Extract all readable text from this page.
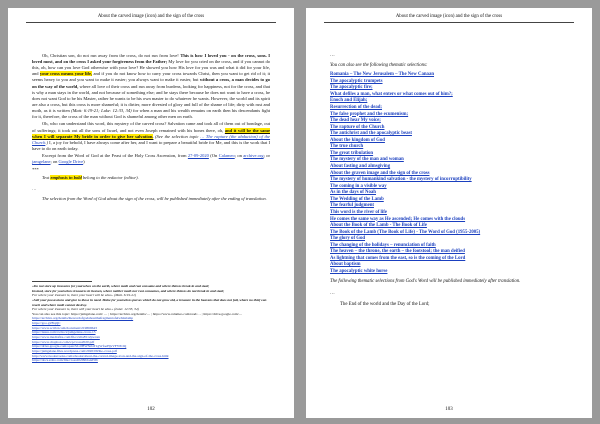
About the carved image (icon) and the sign of the cross

Oh, Christian son, do not run away from the cross, do not run from love! This is how I loved you - on the cross, sons. I loved most, and on the cross I asked your forgiveness from the Father; My love for you cried on the cross, and if you cannot do this, oh, how can you love God otherwise with your love? He showed you how His love for you was and what it did for your life, and your cross means your life, and if you do not know how to carry your cross towards Christ, then you want to get rid of it; it seems heavy to you and you want to make it easier; you always want to make it easier, but without a cross, a man decides to go on the way of the world, where all love of their cross and run away from burdens, looking for happiness, not for the cross, and that is why a man stays in the world, and not because of something else; and he stays there because he does not want to have a cross, he does not want God to be his Master, rather he wants to be his own master to do whatever he wants. However, the world and its spirit are also a cross, but this cross is more shameful; it is dirtier, more divested of glory and full of the shame of life; dirty with rust and moth, as it is written (Matt: 6:19-21; Luke: 12:33, 34) for when a man and his wealth remains on earth then his descendants fight for it, therefore, the cross of the man without God is shameful among other men on earth.

Oh, who can understand this word, this mystery of the carved cross? Salvation came and took all of them out of bondage, out of sufferings; it took out all the sons of Israel, and not even Joseph remained with his bones there, oh, and it will be the same when I will separate My bride in order to give her salvation. (See the selection topic … The rapture (the abduction) of the Church.) I, a joy for behold, I have always come after her, and I want to prepare a beautiful bride for Me, and this is the work that I have to do on earth today.

Excerpt from the Word of God at the Feast of the Holy Cross Ascension, from 27-09-2020 (On Calameo; on archive.org; or jamgelane; on Google Drive)

***

Text emphasis in bold belong to the redactor (editor).

…

The selection from the Word of God about the sign of the cross, will be published immediately after the ending of translation.

«Do not store up treasures for yourselves on the earth, where moth and rust consume and where thieves break in and steal;

Instead, store for yourselves treasures in heaven, where neither moth nor rust consumes, and where thieves do not break in and steal;

For where your treasure is, there your heart will be also». (Matt. 6:19-21)

«Sell your possessions and give to those in need. Make for yourselves purses which do not grow old, a treasure in the heavens that does not fail, where no thief can reach and where moth cannot destroy.

For where your treasure is, there will your heart be also.» (Luke: 12:33, 34)

You can also see this topic: https://jamgelane.com/ … ; https://archive.org/details/… ; https://www.calameo.com/read/… ; https://drive.google.com/…

https://archive.org/details/thewordofgodaboutthefragmentofeiwhitelamp

https://goo.gl/BqQC

https://www.scribd.com/document/219869643

https://issuu.com/cs/docs/jamgelane-cross-15

https://www.mediafire.com/file/cx6o8512pwxsn

https://www.dropbox.com/s/p/cross2020.pdf

https://drive.google.com/open?id=0BW3nlaT1gWfoeHjvVFY8vlQ

https://jamgelane.files.wordpress.com/2020/09/the-cross.pdf

http://www.booksvooks.com/ebooks/about-the-carved-image-icon-and-the-sign-of-the-cross.html

https://docs.zoho.com/file/cross20209bfa4d5fb

102
About the carved image (icon) and the sign of the cross

…

You can also see the following thematic selections:

Romania – The New Jerusalem – The New Canaan
The apocalyptic trumpets
The apocalyptic fire;
What defiles a man, what enters or what comes out of him?;
Enoch and Elijah;
Resurrection of the dead;
The false prophet and the ecumenism;
The dead hear My voice;
The rapture of the Church
The antichrist and the apocalyptic beast
About the kingdom of God
The true church
The great tribulation
The mystery of the man and woman
About fasting and almsgiving
About the graven image and the sign of the cross
The mystery of humankind salvation - the mystery of incorruptibility
The coming in a visible way
As in the days of Noah
The Wedding of the Lamb
The fearful judgment
This word is the river of life
He comes the same way as He ascended; He comes with the clouds
About the Book of the Lamb - The Book of Life
The Book of the Lamb (The Book of Life) - The Word of God (1955-2005)
The glory of God
The changing of the holidays – renunciation of faith
The heaven – the throne, the earth – the footstool; the man deified
As lightning that comes from the east, so is the coming of the Lord
About baptism
The apocalyptic white horse

The following thematic selections from God's Word will be published immediately after translation.

…

The End of the world and the Day of the Lord;

103
